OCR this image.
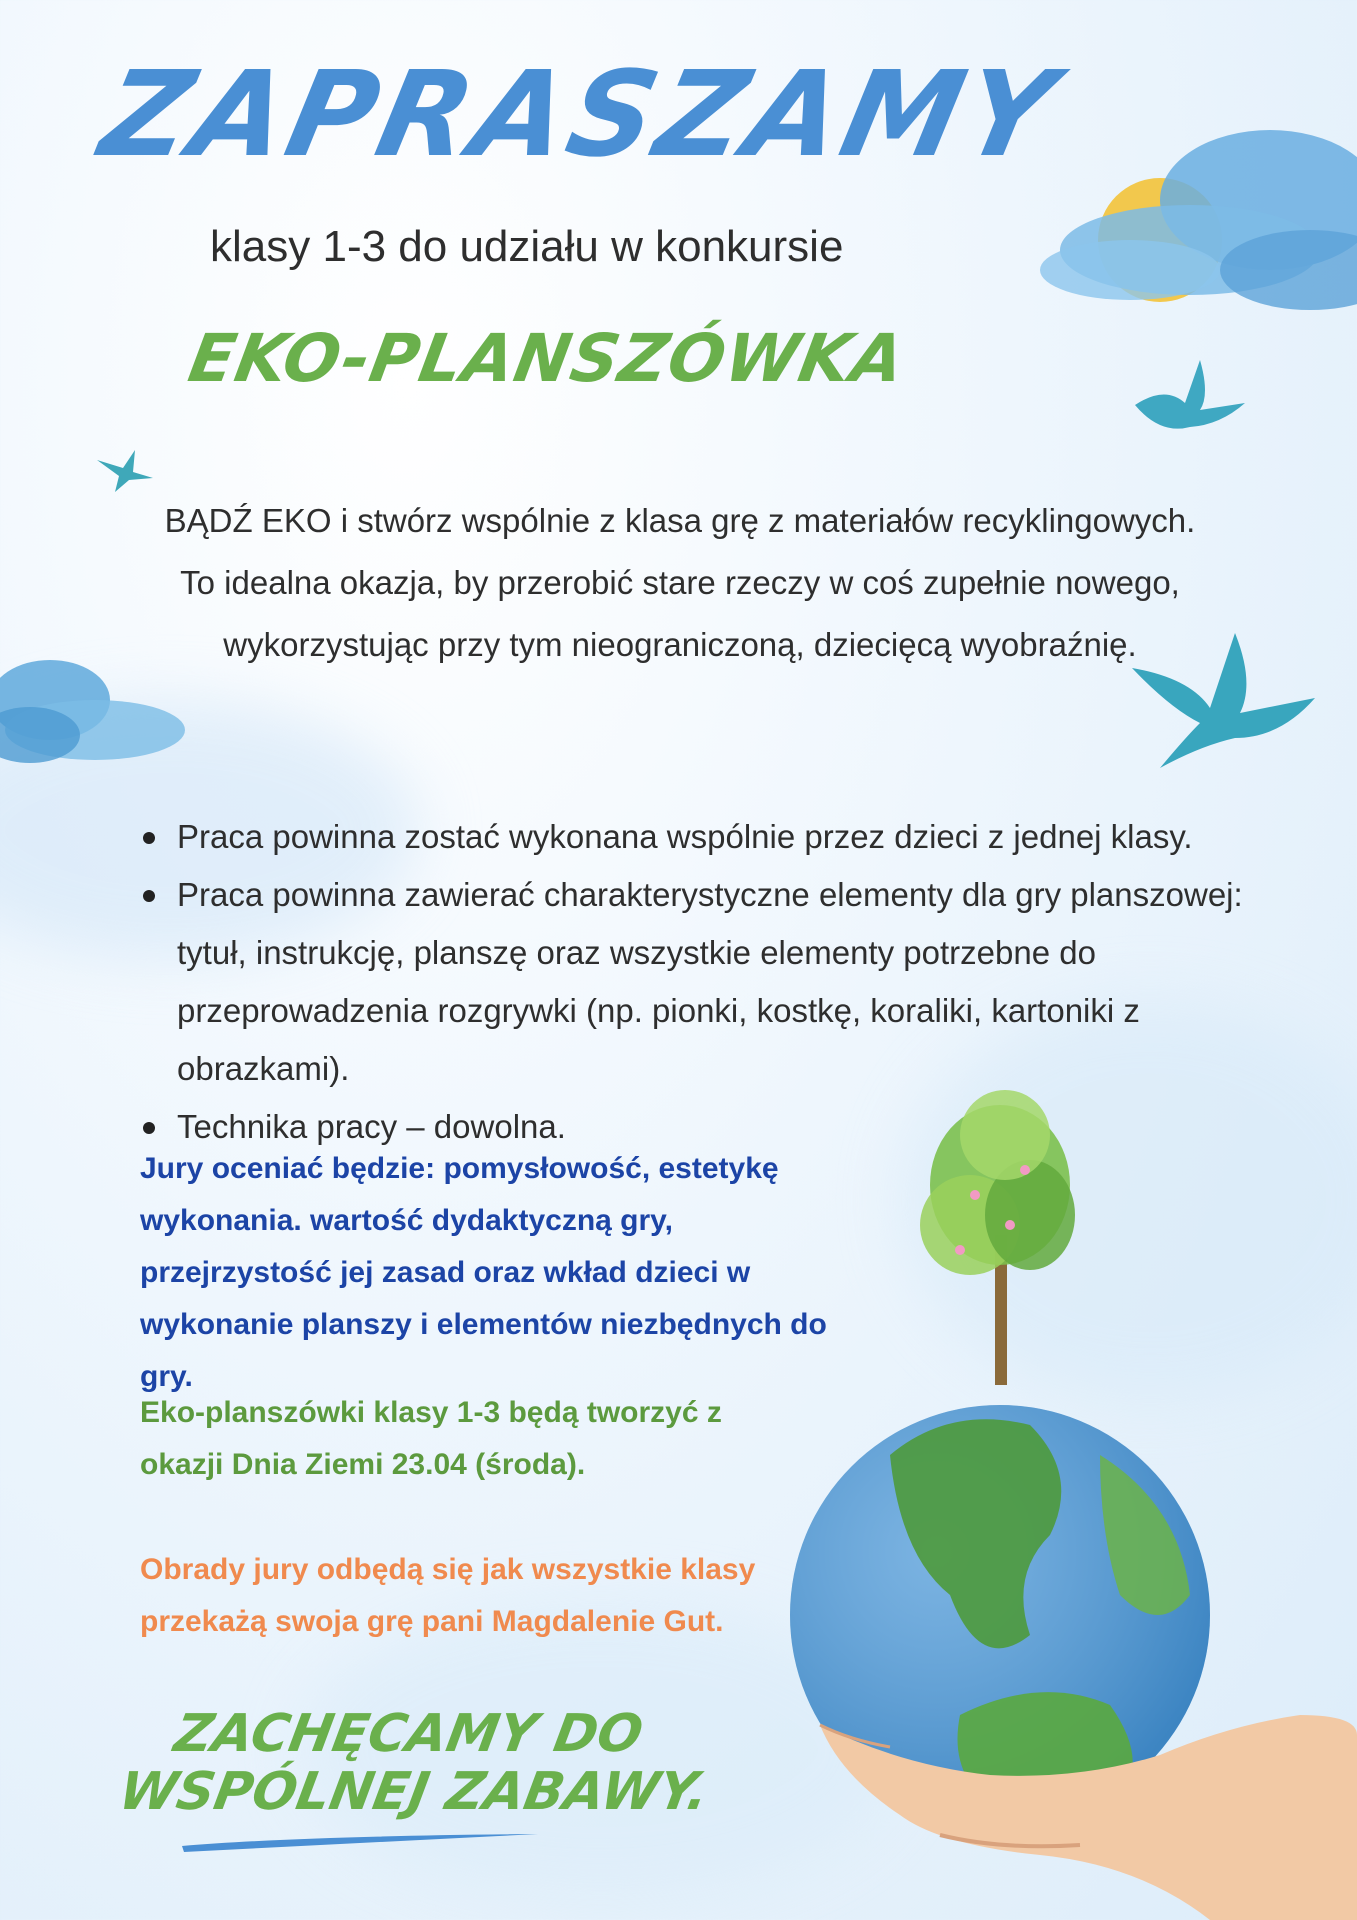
ZAPRASZAMY
klasy 1-3 do udziału w konkursie
EKO-PLANSZÓWKA
BĄDŹ EKO i stwórz wspólnie z klasa grę z materiałów recyklingowych.
To idealna okazja, by przerobić stare rzeczy w coś zupełnie nowego,
wykorzystując przy tym nieograniczoną, dziecięcą wyobraźnię.
Praca powinna zostać wykonana wspólnie przez dzieci z jednej klasy.
Praca powinna zawierać charakterystyczne elementy dla gry planszowej: tytuł, instrukcję, planszę oraz wszystkie elementy potrzebne do przeprowadzenia rozgrywki (np. pionki, kostkę, koraliki, kartoniki z obrazkami).
Technika pracy – dowolna.
Jury oceniać będzie: pomysłowość, estetykę wykonania. wartość dydaktyczną gry, przejrzystość jej zasad oraz wkład dzieci w wykonanie planszy i elementów niezbędnych do gry.
Eko-planszówki klasy 1-3 będą tworzyć z okazji Dnia Ziemi 23.04 (środa).
Obrady jury odbędą się jak wszystkie klasy przekażą swoja grę pani Magdalenie Gut.
ZACHĘCAMY DO
WSPÓLNEJ ZABAWY.
